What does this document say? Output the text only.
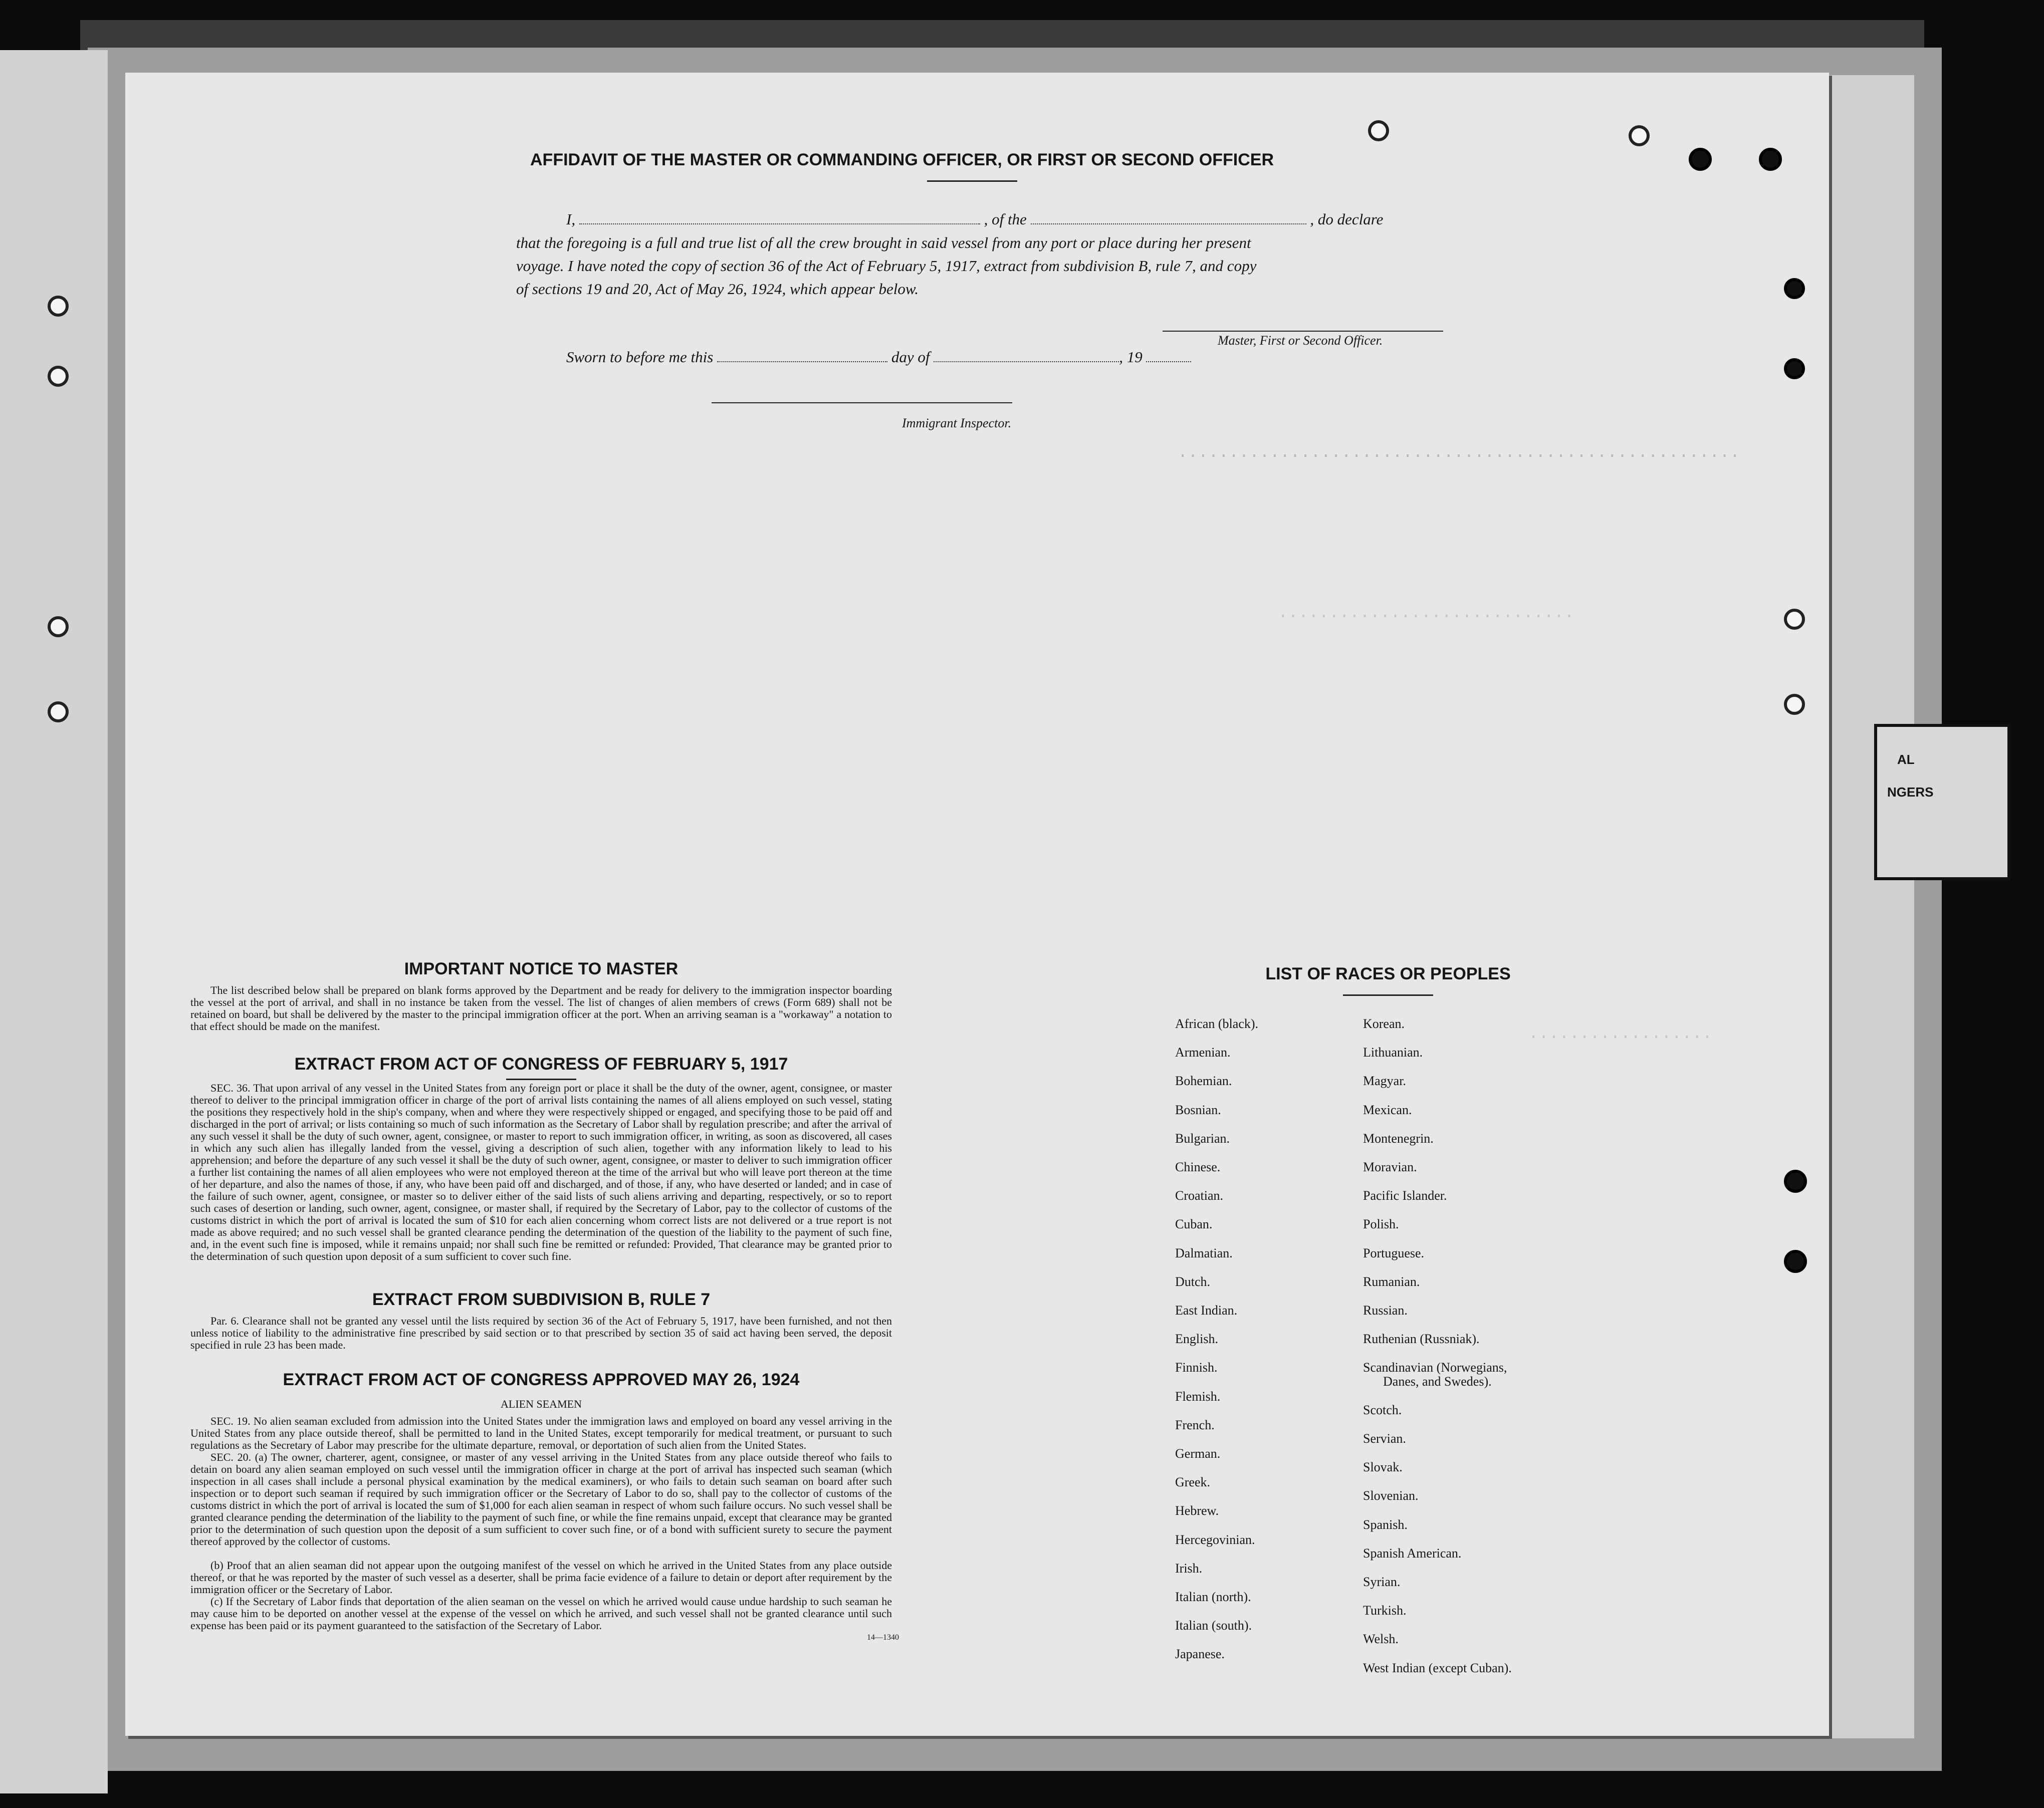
AL
NGERS
.......................................................
.............................
..................
AFFIDAVIT OF THE MASTER OR COMMANDING OFFICER, OR FIRST OR SECOND OFFICER
I,	, of the	, do declare
that the foregoing is a full and true list of all the crew brought in said vessel from any port or place during her present
voyage. I have noted the copy of section 36 of the Act of February 5, 1917, extract from subdivision B, rule 7, and copy
of sections 19 and 20, Act of May 26, 1924, which appear below.
Master, First or Second Officer.
Sworn to before me this	day of	, 19
Immigrant Inspector.
IMPORTANT NOTICE TO MASTER

The list described below shall be prepared on blank forms approved by the Department and be ready for delivery to the immigration inspector boarding the vessel at the port of arrival, and shall in no instance be taken from the vessel. The list of changes of alien members of crews (Form 689) shall not be retained on board, but shall be delivered by the master to the principal immigration officer at the port. When an arriving seaman is a "workaway" a notation to that effect should be made on the manifest.

EXTRACT FROM ACT OF CONGRESS OF FEBRUARY 5, 1917

SEC. 36. That upon arrival of any vessel in the United States from any foreign port or place it shall be the duty of the owner, agent, consignee, or master thereof to deliver to the principal immigration officer in charge of the port of arrival lists containing the names of all aliens employed on such vessel, stating the positions they respectively hold in the ship's company, when and where they were respectively shipped or engaged, and specifying those to be paid off and discharged in the port of arrival; or lists containing so much of such information as the Secretary of Labor shall by regulation prescribe; and after the arrival of any such vessel it shall be the duty of such owner, agent, consignee, or master to report to such immigration officer, in writing, as soon as discovered, all cases in which any such alien has illegally landed from the vessel, giving a description of such alien, together with any information likely to lead to his apprehension; and before the departure of any such vessel it shall be the duty of such owner, agent, consignee, or master to deliver to such immigration officer a further list containing the names of all alien employees who were not employed thereon at the time of the arrival but who will leave port thereon at the time of her departure, and also the names of those, if any, who have been paid off and discharged, and of those, if any, who have deserted or landed; and in case of the failure of such owner, agent, consignee, or master so to deliver either of the said lists of such aliens arriving and departing, respectively, or so to report such cases of desertion or landing, such owner, agent, consignee, or master shall, if required by the Secretary of Labor, pay to the collector of customs of the customs district in which the port of arrival is located the sum of $10 for each alien concerning whom correct lists are not delivered or a true report is not made as above required; and no such vessel shall be granted clearance pending the determination of the question of the liability to the payment of such fine, and, in the event such fine is imposed, while it remains unpaid; nor shall such fine be remitted or refunded: Provided, That clearance may be granted prior to the determination of such question upon deposit of a sum sufficient to cover such fine.

EXTRACT FROM SUBDIVISION B, RULE 7

Par. 6. Clearance shall not be granted any vessel until the lists required by section 36 of the Act of February 5, 1917, have been furnished, and not then unless notice of liability to the administrative fine prescribed by said section or to that prescribed by section 35 of said act having been served, the deposit specified in rule 23 has been made.

EXTRACT FROM ACT OF CONGRESS APPROVED MAY 26, 1924
ALIEN SEAMEN

SEC. 19. No alien seaman excluded from admission into the United States under the immigration laws and employed on board any vessel arriving in the United States from any place outside thereof, shall be permitted to land in the United States, except temporarily for medical treatment, or pursuant to such regulations as the Secretary of Labor may prescribe for the ultimate departure, removal, or deportation of such alien from the United States.

SEC. 20. (a) The owner, charterer, agent, consignee, or master of any vessel arriving in the United States from any place outside thereof who fails to detain on board any alien seaman employed on such vessel until the immigration officer in charge at the port of arrival has inspected such seaman (which inspection in all cases shall include a personal physical examination by the medical examiners), or who fails to detain such seaman on board after such inspection or to deport such seaman if required by such immigration officer or the Secretary of Labor to do so, shall pay to the collector of customs of the customs district in which the port of arrival is located the sum of $1,000 for each alien seaman in respect of whom such failure occurs. No such vessel shall be granted clearance pending the determination of the liability to the payment of such fine, or while the fine remains unpaid, except that clearance may be granted prior to the determination of such question upon the deposit of a sum sufficient to cover such fine, or of a bond with sufficient surety to secure the payment thereof approved by the collector of customs.

(b) Proof that an alien seaman did not appear upon the outgoing manifest of the vessel on which he arrived in the United States from any place outside thereof, or that he was reported by the master of such vessel as a deserter, shall be prima facie evidence of a failure to detain or deport after requirement by the immigration officer or the Secretary of Labor.

(c) If the Secretary of Labor finds that deportation of the alien seaman on the vessel on which he arrived would cause undue hardship to such seaman he may cause him to be deported on another vessel at the expense of the vessel on which he arrived, and such vessel shall not be granted clearance until such expense has been paid or its payment guaranteed to the satisfaction of the Secretary of Labor.

14—1340
LIST OF RACES OR PEOPLES
African (black).
Armenian.
Bohemian.
Bosnian.
Bulgarian.
Chinese.
Croatian.
Cuban.
Dalmatian.
Dutch.
East Indian.
English.
Finnish.
Flemish.
French.
German.
Greek.
Hebrew.
Hercegovinian.
Irish.
Italian (north).
Italian (south).
Japanese.
Korean.
Lithuanian.
Magyar.
Mexican.
Montenegrin.
Moravian.
Pacific Islander.
Polish.
Portuguese.
Rumanian.
Russian.
Ruthenian (Russniak).
Scandinavian (Norwegians,
Danes, and Swedes).
Scotch.
Servian.
Slovak.
Slovenian.
Spanish.
Spanish American.
Syrian.
Turkish.
Welsh.
West Indian (except Cuban).
